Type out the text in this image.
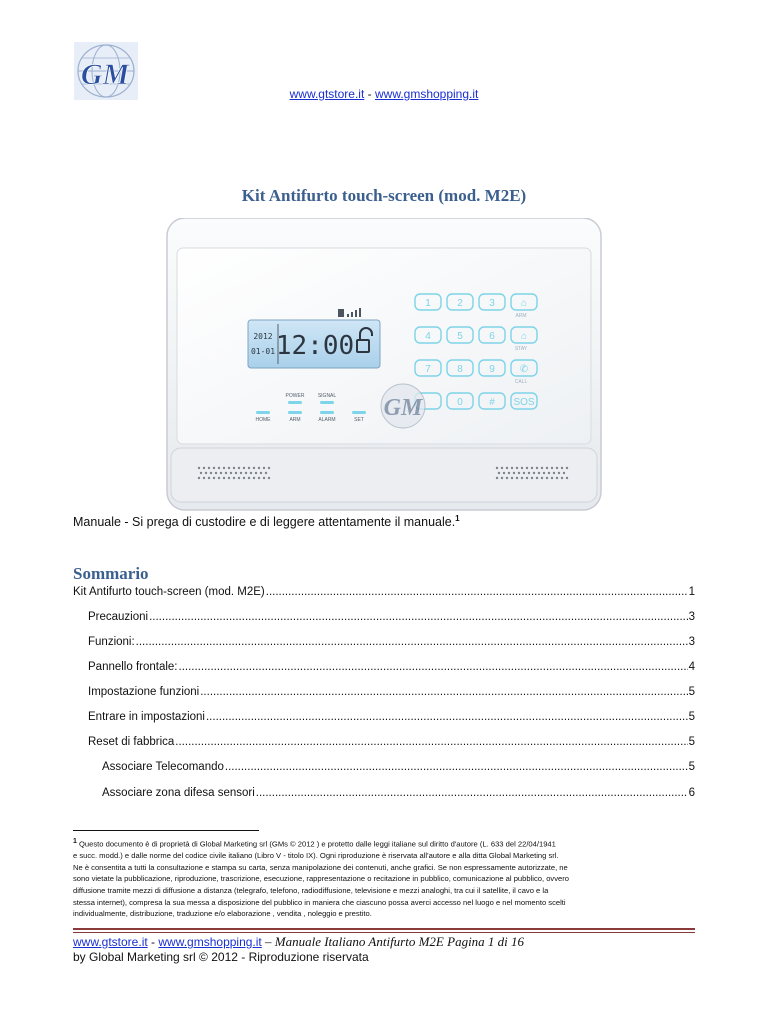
GM
www.gtstore.it - www.gmshopping.it
Kit Antifurto touch-screen (mod. M2E)
2012
01-01 12:00
POWER	SIGNAL
HOME	ARM	ALARM	SET
1	2	3	⌂
4	5	6	⌂
7	8	9	✆
0	# SOS
ARM
STAY
CALL
GM
Manuale - Si prega di custodire e di leggere attentamente il manuale.$^1$
Sommario
Kit Antifurto touch-screen (mod. M2E) .....	1
Precauzioni .....	3
Funzioni: .....	3
Pannello frontale: .....	4
Impostazione funzioni .....	5
Entrare in impostazioni .....	5
Reset di fabbrica .....	5
Associare Telecomando .....	5
Associare zona difesa sensori .....	6
$^1$ Questo documento è di proprietà di Global Marketing srl (GMs © 2012 ) e protetto dalle leggi italiane sul diritto d'autore (L. 633 del 22/04/1941
e succ. modd.) e dalle norme del codice civile italiano (Libro V - titolo IX). Ogni riproduzione è riservata all'autore e alla ditta Global Marketing srl.
Ne è consentita a tutti la consultazione e stampa su carta, senza manipolazione dei contenuti, anche grafici. Se non espressamente autorizzate, ne
sono vietate la pubblicazione, riproduzione, trascrizione, esecuzione, rappresentazione o recitazione in pubblico, comunicazione al pubblico, ovvero
diffusione tramite mezzi di diffusione a distanza (telegrafo, telefono, radiodiffusione, televisione e mezzi analoghi, tra cui il satellite, il cavo e la
stessa internet), compresa la sua messa a disposizione del pubblico in maniera che ciascuno possa averci accesso nel luogo e nel momento scelti
individualmente, distribuzione, traduzione e/o elaborazione , vendita , noleggio e prestito.
www.gtstore.it - www.gmshopping.it – Manuale Italiano Antifurto M2E Pagina 1 di 16
by Global Marketing srl © 2012 - Riproduzione riservata
